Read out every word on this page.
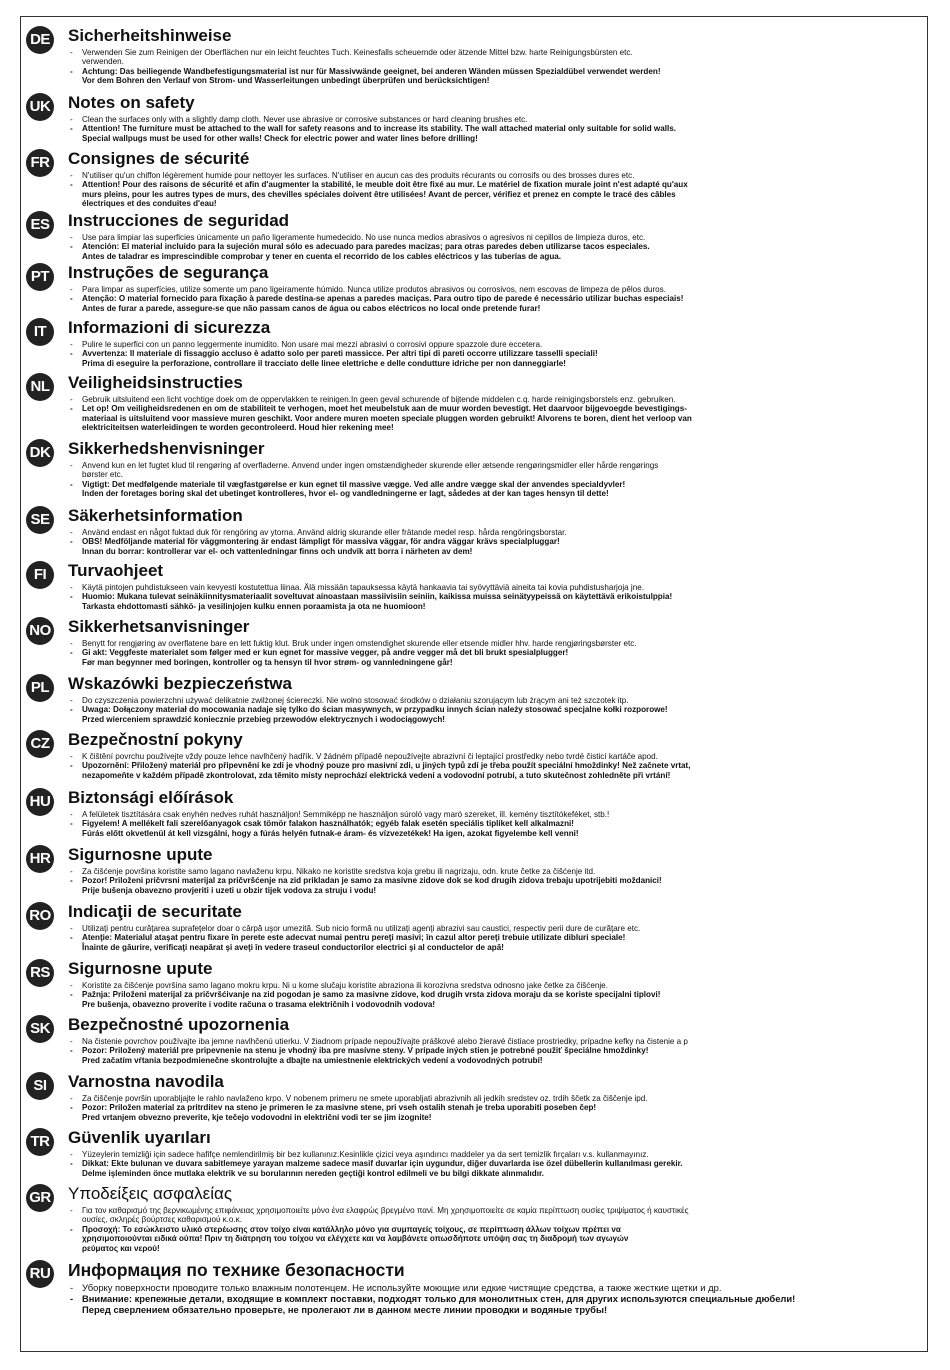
DE Sicherheitshinweise
- Verwenden Sie zum Reinigen der Oberflächen nur ein leicht feuchtes Tuch. Keinesfalls scheuernde oder ätzende Mittel bzw. harte Reinigungsbürsten etc.
verwenden.
- Achtung: Das beiliegende Wandbefestigungsmaterial ist nur für Massivwände geeignet, bei anderen Wänden müssen Spezialdübel verwendet werden!
Vor dem Bohren den Verlauf von Strom- und Wasserleitungen unbedingt überprüfen und berücksichtigen!
UK Notes on safety
- Clean the surfaces only with a slightly damp cloth. Never use abrasive or corrosive substances or hard cleaning brushes etc.
- Attention! The furniture must be attached to the wall for safety reasons and to increase its stability. The wall attached material only suitable for solid walls.
Special wallpugs must be used for other walls! Check for electric power and water lines before drilling!
FR Consignes de sécurité
- N'utiliser qu'un chiffon légèrement humide pour nettoyer les surfaces. N'utiliser en aucun cas des produits récurants ou corrosifs ou des brosses dures etc.
- Attention! Pour des raisons de sécurité et afin d'augmenter la stabilité, le meuble doit être fixé au mur. Le matériel de fixation murale joint n'est adapté qu'aux
murs pleins, pour les autres types de murs, des chevilles spéciales doivent être utilisées! Avant de percer, vérifiez et prenez en compte le tracé des câbles
électriques et des conduites d'eau!
ES Instrucciones de seguridad
- Use para limpiar las superficies únicamente un paño ligeramente humedecido. No use nunca medios abrasivos o agresivos ni cepillos de limpieza duros, etc.
- Atención: El material incluido para la sujeción mural sólo es adecuado para paredes macizas; para otras paredes deben utilizarse tacos especiales.
Antes de taladrar es imprescindible comprobar y tener en cuenta el recorrido de los cables eléctricos y las tuberías de agua.
PT Instruções de segurança
- Para limpar as superfícies, utilize somente um pano ligeiramente húmido. Nunca utilize produtos abrasivos ou corrosivos, nem escovas de limpeza de pêlos duros.
- Atenção: O material fornecido para fixação à parede destina-se apenas a paredes maciças. Para outro tipo de parede é necessário utilizar buchas especiais!
Antes de furar a parede, assegure-se que não passam canos de água ou cabos eléctricos no local onde pretende furar!
IT	Informazioni di sicurezza
- Pulire le superfici con un panno leggermente inumidito. Non usare mai mezzi abrasivi o corrosivi oppure spazzole dure eccetera.
- Avvertenza: Il materiale di fissaggio accluso è adatto solo per pareti massicce. Per altri tipi di pareti occorre utilizzare tasselli speciali!
Prima di eseguire la perforazione, controllare il tracciato delle linee elettriche e delle condutture idriche per non danneggiarle!
NL Veiligheidsinstructies
- Gebruik uitsluitend een licht vochtige doek om de oppervlakken te reinigen.In geen geval schurende of bijtende middelen c.q. harde reinigingsborstels enz. gebruiken.
- Let op! Om veiligheidsredenen en om de stabiliteit te verhogen, moet het meubelstuk aan de muur worden bevestigt. Het daarvoor bijgevoegde bevestigings-
materiaal is uitsluitend voor massieve muren geschikt. Voor andere muren moeten speciale pluggen worden gebruikt! Alvorens te boren, dient het verloop van
elektriciteitsen waterleidingen te worden gecontroleerd. Houd hier rekening mee!
DK Sikkerhedshenvisninger
- Anvend kun en let fugtet klud til rengøring af overfladerne. Anvend under ingen omstændigheder skurende eller ætsende rengøringsmidler eller hårde rengørings
børster etc.
- Vigtigt: Det medfølgende materiale til vægfastgørelse er kun egnet til massive vægge. Ved alle andre vægge skal der anvendes specialdyvler!
Inden der foretages boring skal det ubetinget kontrolleres, hvor el- og vandledningerne er lagt, sådedes at der kan tages hensyn til dette!
SE Säkerhetsinformation
- Använd endast en något fuktad duk för rengöring av ytorna. Använd aldrig skurande eller frätande medel resp. hårda rengöringsborstar.
- OBS! Medföljande material för väggmontering är endast lämpligt för massiva väggar, för andra väggar krävs specialpluggar!
Innan du borrar: kontrollerar var el- och vattenledningar finns och undvik att borra i närheten av dem!
FI	Turvaohjeet
- Käytä pintojen puhdistukseen vain kevyesti kostutettua liinaa. Älä missään tapauksessa käytä hankaavia tai syövyttäviä aineita tai kovia puhdistusharjoja jne.
- Huomio: Mukana tulevat seinäkiinnitysmateriaalit soveltuvat ainoastaan massiivisiin seiniin, kaikissa muissa seinätyypeissä on käytettävä erikoistulppia!
Tarkasta ehdottomasti sähkö- ja vesilinjojen kulku ennen poraamista ja ota ne huomioon!
NO Sikkerhetsanvisninger
- Benytt for rengjøring av overflatene bare en lett fuktig klut. Bruk under ingen omstendighet skurende eller etsende midler hhv. harde rengjøringsbørster etc.
- Gi akt: Veggfeste materialet som følger med er kun egnet for massive vegger, på andre vegger må det bli brukt spesialplugger!
Før man begynner med boringen, kontroller og ta hensyn til hvor strøm- og vannledningene går!
PL Wskazówki bezpieczeństwa
- Do czyszczenia powierzchni używać delikatnie zwilżonej ściereczki. Nie wolno stosować środków o działaniu szorującym lub żrącym ani też szczotek itp.
- Uwaga: Dołączony materiał do mocowania nadaje się tylko do ścian masywnych, w przypadku innych ścian należy stosować specjalne kołki rozporowe!
Przed wierceniem sprawdzić koniecznie przebieg przewodów elektrycznych i wodociągowych!
CZ Bezpečnostní pokyny
- K čištění povrchu používejte vždy pouze lehce navlhčený hadřík. V žádném případě nepoužívejte abrazivní či leptající prostředky nebo tvrdé čisticí kartáče apod.
- Upozornění: Přiložený materiál pro připevnění ke zdi je vhodný pouze pro masivní zdi, u jiných typů zdí je třeba použít speciální hmoždinky! Než začnete vrtat,
nezapomeňte v každém případě zkontrolovat, zda těmito místy neprochází elektrická vedení a vodovodní potrubí, a tuto skutečnost zohledněte při vrtání!
HU Biztonsági előírások
- A felületek tisztítására csak enyhén nedves ruhát használjon! Semmiképp ne használjon súroló vagy maró szereket, ill. kemény tisztítókeféket, stb.!
- Figyelem! A mellékelt fali szerelőanyagok csak tömör falakon használhatók; egyéb falak esetén speciális tipliket kell alkalmazni!
Fúrás előtt okvetlenül át kell vizsgálni, hogy a fúrás helyén futnak-e áram- és vízvezetékek! Ha igen, azokat figyelembe kell venni!
HR Sigurnosne upute
- Za čišćenje površina koristite samo lagano navlaženu krpu. Nikako ne koristite sredstva koja grebu ili nagrizaju, odn. krute četke za čišćenje itd.
- Pozor! Priloženi pričvrsni materijal za pričvršćenje na zid prikladan je samo za masivne zidove dok se kod drugih zidova trebaju upotrijebiti moždanici!
Prije bušenja obavezno provjeriti i uzeti u obzir tijek vodova za struju i vodu!
RO Indicaţii de securitate
- Utilizaţi pentru curăţarea suprafeţelor doar o cârpă uşor umezită. Sub nicio formă nu utilizaţi agenţi abrazivi sau caustici, respectiv perii dure de curăţare etc.
- Atenţie: Materialul ataşat pentru fixare în perete este adecvat numai pentru pereţi masivi; în cazul altor pereţi trebuie utilizate dibluri speciale!
Înainte de găurire, verificaţi neapărat şi aveţi în vedere traseul conductorilor electrici şi al conductelor de apă!
RS Sigurnosne upute
- Koristite za čišćenje površina samo lagano mokru krpu. Ni u kome slučaju koristite abraziona ili korozivna sredstva odnosno jake četke za čišćenje.
- Pažnja: Priloženi materijal za pričvršćivanje na zid pogodan je samo za masivne zidove, kod drugih vrsta zidova moraju da se koriste specijalni tiplovi!
Pre bušenja, obavezno proverite i vodite računa o trasama električnih i vodovodnih vodova!
SK Bezpečnostné upozornenia
- Na čistenie povrchov používajte iba jemne navlhčenú utierku. V žiadnom prípade nepoužívajte práškové alebo žieravé čistiace prostriedky, prípadne kefky na čistenie a p
- Pozor: Priložený materiál pre pripevnenie na stenu je vhodný iba pre masívne steny. V prípade iných stien je potrebné použiť špeciálne hmoždinky!
Pred začatím vŕtania bezpodmienečne skontrolujte a dbajte na umiestnenie elektrických vedení a vodovodných potrubí!
SI	Varnostna navodila
- Za čiščenje površin uporabljajte le rahlo navlaženo krpo. V nobenem primeru ne smete uporabljati abrazivnih ali jedkih sredstev oz. trdih ščetk za čiščenje ipd.
- Pozor: Priložen material za pritrditev na steno je primeren le za masivne stene, pri vseh ostalih stenah je treba uporabiti poseben čep!
Pred vrtanjem obvezno preverite, kje tečejo vodovodni in električni vodi ter se jim izognite!
TR Güvenlik uyarıları
- Yüzeylerin temizliği için sadece hafifçe nemlendirilmiş bir bez kullanınız.Kesinlikle çizici veya aşındırıcı maddeler ya da sert temizlik fırçaları v.s. kullanmayınız.
- Dikkat: Ekte bulunan ve duvara sabitlemeye yarayan malzeme sadece masif duvarlar için uygundur, diğer duvarlarda ise özel dübellerin kullanılması gerekir.
Delme işleminden önce mutlaka elektrik ve su borularının nereden geçtiği kontrol edilmeli ve bu bilgi dikkate alınmalıdır.
GR Υποδείξεις ασφαλείας
- Για τον καθαρισμό της βερνικωμένης επιφάνειας χρησιμοποιείτε μόνο ένα ελαφρώς βρεγμένο πανί. Μη χρησιμοποιείτε σε καμία περίπτωση ουσίες τριψίματος ή καυστικές
ουσίες, σκληρές βούρτσες καθαρισμού κ.ο.κ.
- Προσοχή: Το εσώκλειστο υλικό στερέωσης στον τοίχο είναι κατάλληλο μόνο για συμπαγείς τοίχους, σε περίπτωση άλλων τοίχων πρέπει να
χρησιμοποιούνται ειδικά ούπα! Πριν τη διάτρηση του τοίχου να ελέγχετε και να λαμβάνετε οπωσδήποτε υπόψη σας τη διαδρομή των αγωγών
ρεύματος και νερού!
RU Информация по технике безопасности
- Уборку поверхности проводите только влажным полотенцем. Не используйте моющие или едкие чистящие средства, а также жесткие щетки и др.
- Внимание: крепежные детали, входящие в комплект поставки, подходят только для монолитных стен, для других используются специальные дюбели!
Перед сверлением обязательно проверьте, не пролегают ли в данном месте линии проводки и водяные трубы!
